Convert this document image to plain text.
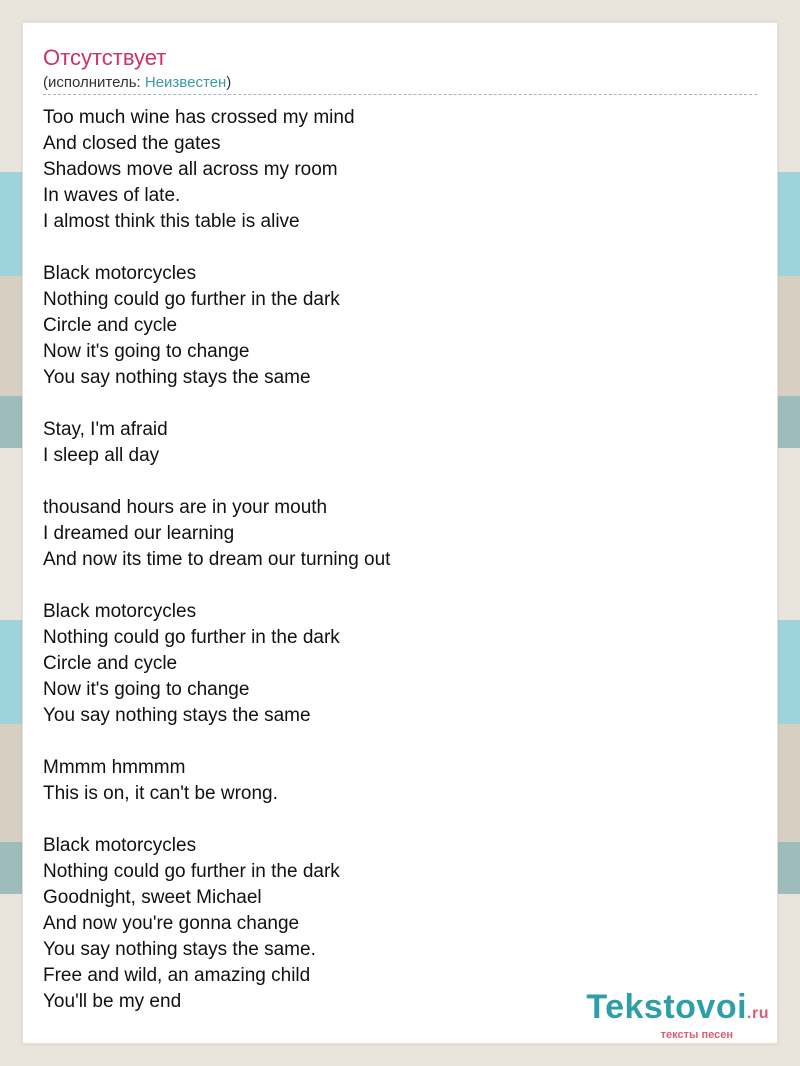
Отсутствует
(исполнитель: Неизвестен)
Too much wine has crossed my mind
And closed the gates
Shadows move all across my room
In waves of late.
I almost think this table is alive
Black motorcycles
Nothing could go further in the dark
Circle and cycle
Now it's going to change
You say nothing stays the same
Stay, I'm afraid
I sleep all day
thousand hours are in your mouth
I dreamed our learning
And now its time to dream our turning out
Black motorcycles
Nothing could go further in the dark
Circle and cycle
Now it's going to change
You say nothing stays the same
Mmmm hmmmm
This is on, it can't be wrong.
Black motorcycles
Nothing could go further in the dark
Goodnight, sweet Michael
And now you're gonna change
You say nothing stays the same.
Free and wild, an amazing child
You'll be my end	Tekstovoi.ru
тексты песен
